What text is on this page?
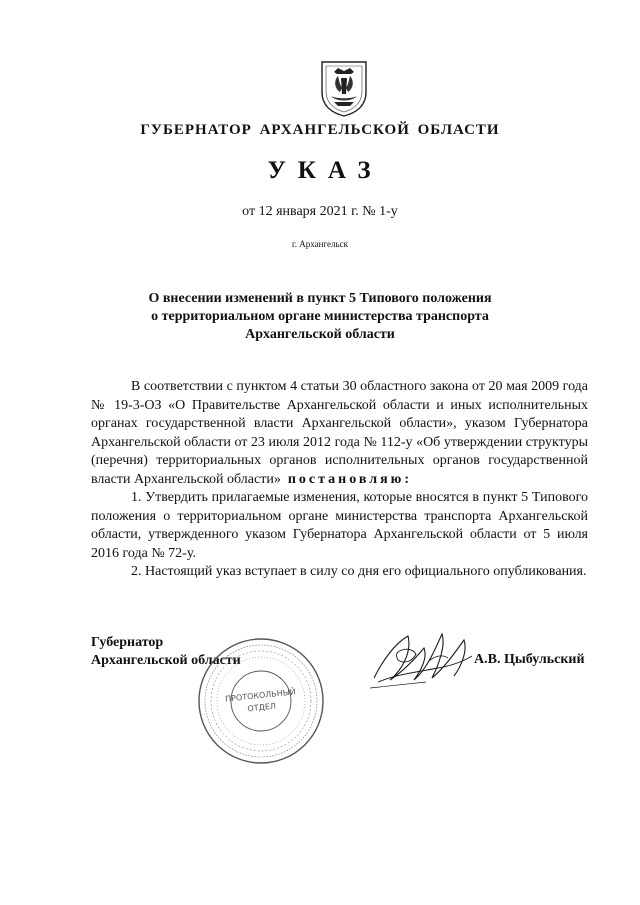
ГУБЕРНАТОР АРХАНГЕЛЬСКОЙ ОБЛАСТИ
УКАЗ
от 12 января 2021 г. № 1-у
г. Архангельск
О внесении изменений в пункт 5 Типового положения
о территориальном органе министерства транспорта
Архангельской области

В соответствии с пунктом 4 статьи 30 областного закона от 20 мая 2009 года № 19-3-ОЗ «О Правительстве Архангельской области и иных исполнительных органах государственной власти Архангельской области», указом Губернатора Архангельской области от 23 июля 2012 года № 112-у «Об утверждении структуры (перечня) территориальных органов исполнительных органов государственной власти Архангельской области» постановляю:

1. Утвердить прилагаемые изменения, которые вносятся в пункт 5 Типового положения о территориальном органе министерства транспорта Архангельской области, утвержденного указом Губернатора Архангельской области от 5 июля 2016 года № 72-у.

2. Настоящий указ вступает в силу со дня его официального опубликования.

Губернатор
Архангельской области	А.В. Цыбульский
ПРОТОКОЛЬНЫЙ
ОТДЕЛ
